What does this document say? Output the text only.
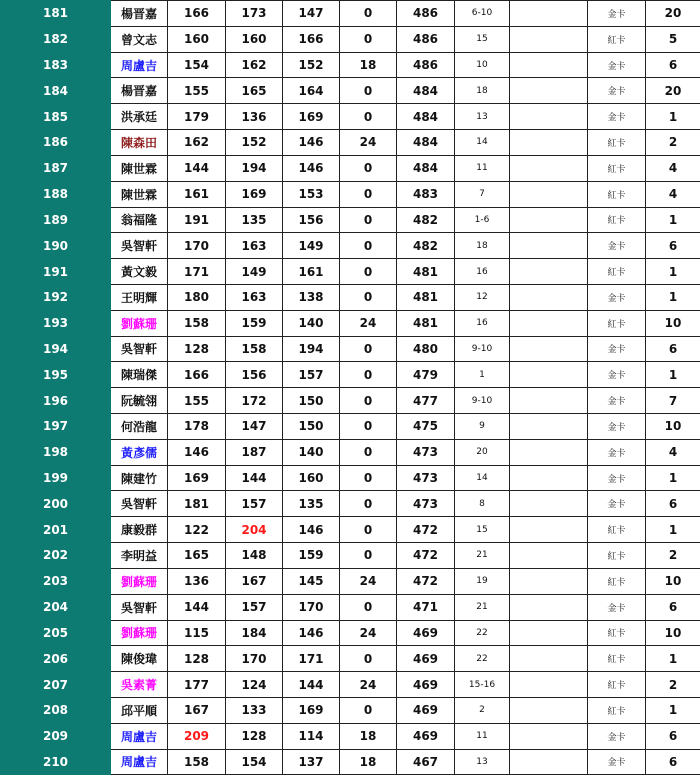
181	楊晋嘉	166	173	147	0	486	6-10		金卡	20
182	曾文志	160	160	166	0	486	15		紅卡	5
183	周盧吉	154	162	152	18	486	10		金卡	6
184	楊晋嘉	155	165	164	0	484	18		金卡	20
185	洪承廷	179	136	169	0	484	13		金卡	1
186	陳森田	162	152	146	24	484	14		紅卡	2
187	陳世霖	144	194	146	0	484	11		紅卡	4
188	陳世霖	161	169	153	0	483	7		紅卡	4
189	翁福隆	191	135	156	0	482	1-6		紅卡	1
190	吳智軒	170	163	149	0	482	18		金卡	6
191	黃文毅	171	149	161	0	481	16		紅卡	1
192	王明輝	180	163	138	0	481	12		金卡	1
193	劉蘇珊	158	159	140	24	481	16		紅卡	10
194	吳智軒	128	158	194	0	480	9-10		金卡	6
195	陳瑞傑	166	156	157	0	479	1		金卡	1
196	阮毓翎	155	172	150	0	477	9-10		金卡	7
197	何浩龍	178	147	150	0	475	9		金卡	10
198	黃彥儒	146	187	140	0	473	20		金卡	4
199	陳建竹	169	144	160	0	473	14		金卡	1
200	吳智軒	181	157	135	0	473	8		金卡	6
201	康毅群	122	204	146	0	472	15		紅卡	1
202	李明益	165	148	159	0	472	21		紅卡	2
203	劉蘇珊	136	167	145	24	472	19		紅卡	10
204	吳智軒	144	157	170	0	471	21		金卡	6
205	劉蘇珊	115	184	146	24	469	22		紅卡	10
206	陳俊瑋	128	170	171	0	469	22		紅卡	1
207	吳素菁	177	124	144	24	469	15-16		紅卡	2
208	邱平順	167	133	169	0	469	2		紅卡	1
209	周盧吉	209	128	114	18	469	11		金卡	6
210	周盧吉	158	154	137	18	467	13		金卡	6
